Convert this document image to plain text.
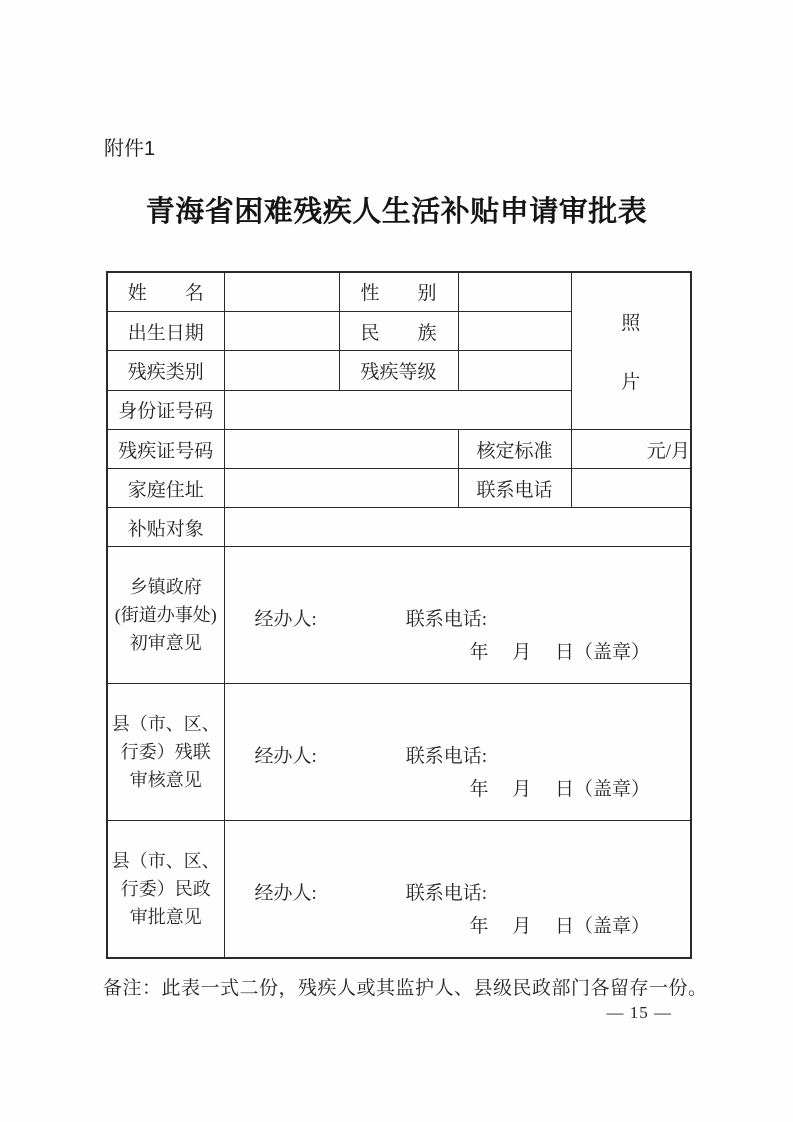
附件1
青海省困难残疾人生活补贴申请审批表
姓　　名		性　　别		照
片

出生日期		民　　族		
残疾类别		残疾等级		
身份证号码				
残疾证号码			核定标准	元/月
家庭住址			联系电话	
补贴对象				

乡镇政府
(街道办事处)
初审意见

经办人:	联系电话:
年　 月　 日（盖章）

县（市、区、
行委）残联
审核意见

经办人:	联系电话:
年　 月　 日（盖章）

县（市、区、
行委）民政
审批意见

经办人:	联系电话:
年　 月　 日（盖章）
备注：此表一式二份，残疾人或其监护人、县级民政部门各留存一份。
— 15 —
